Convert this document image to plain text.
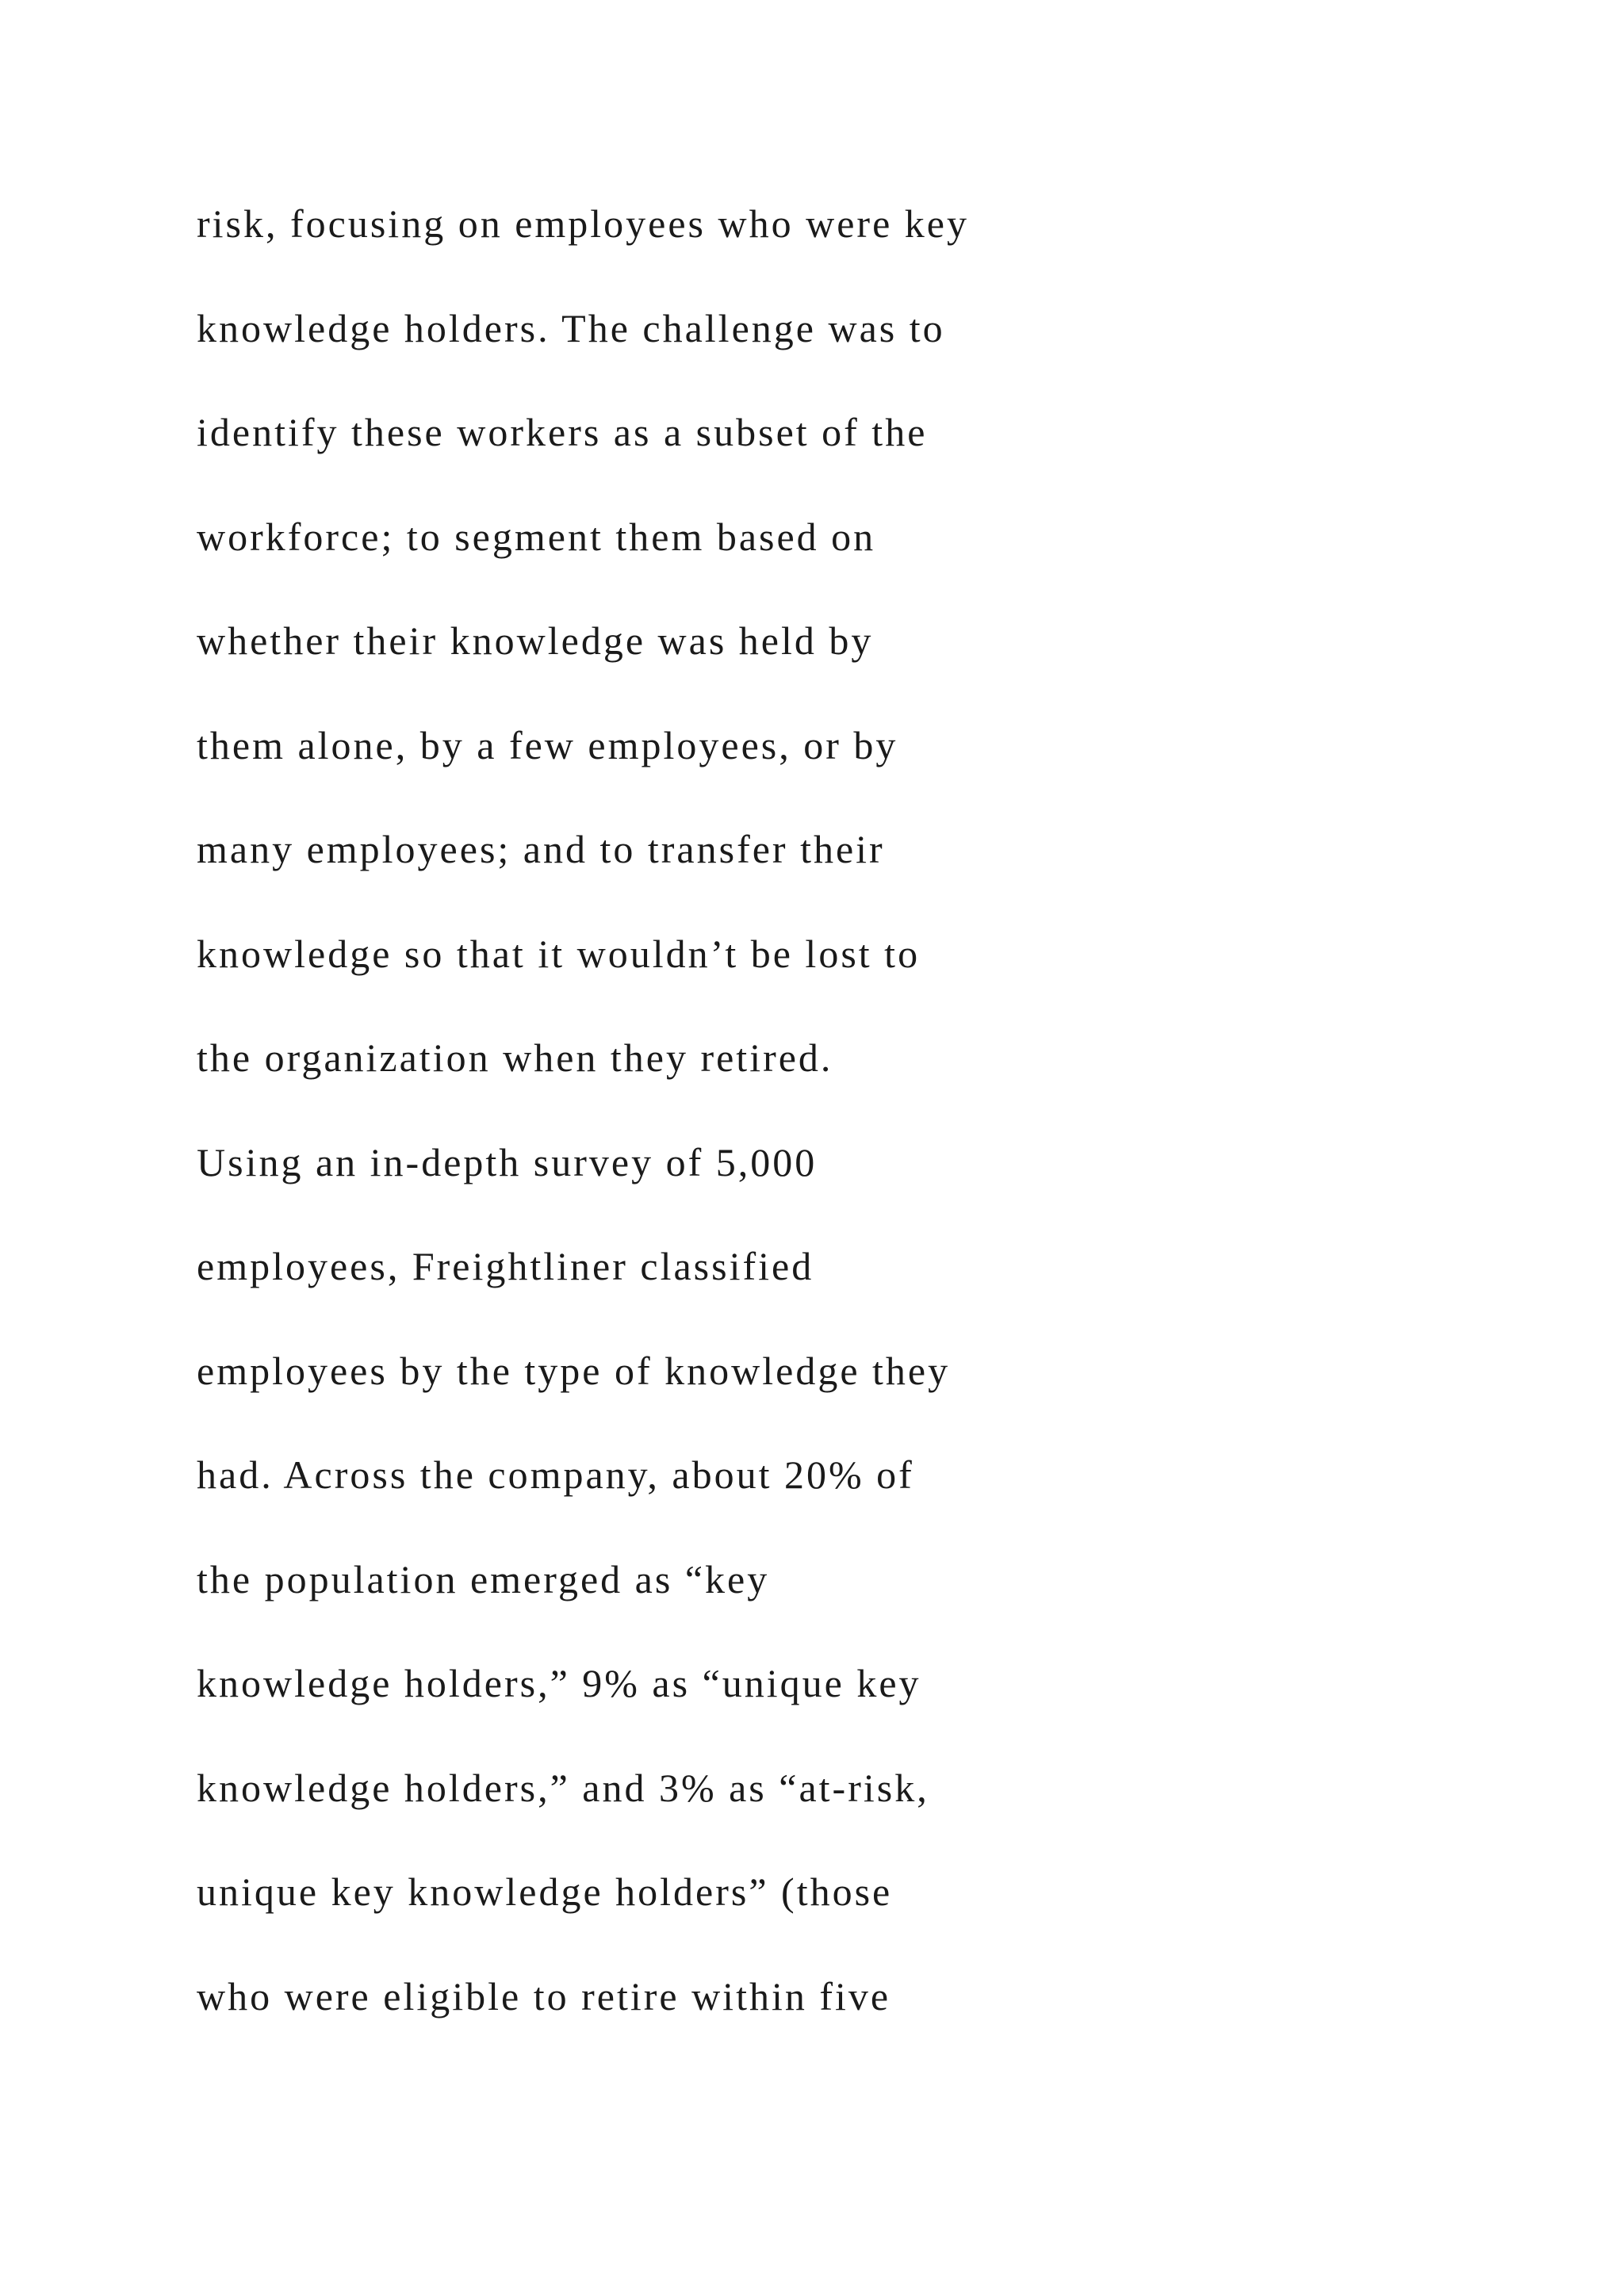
risk, focusing on employees who were key
knowledge holders. The challenge was to
identify these workers as a subset of the
workforce; to segment them based on
whether their knowledge was held by
them alone, by a few employees, or by
many employees; and to transfer their
knowledge so that it wouldn’t be lost to
the organization when they retired.
Using an in-depth survey of 5,000
employees, Freightliner classified
employees by the type of knowledge they
had. Across the company, about 20% of
the population emerged as “key
knowledge holders,” 9% as “unique key
knowledge holders,” and 3% as “at-risk,
unique key knowledge holders” (those
who were eligible to retire within five
